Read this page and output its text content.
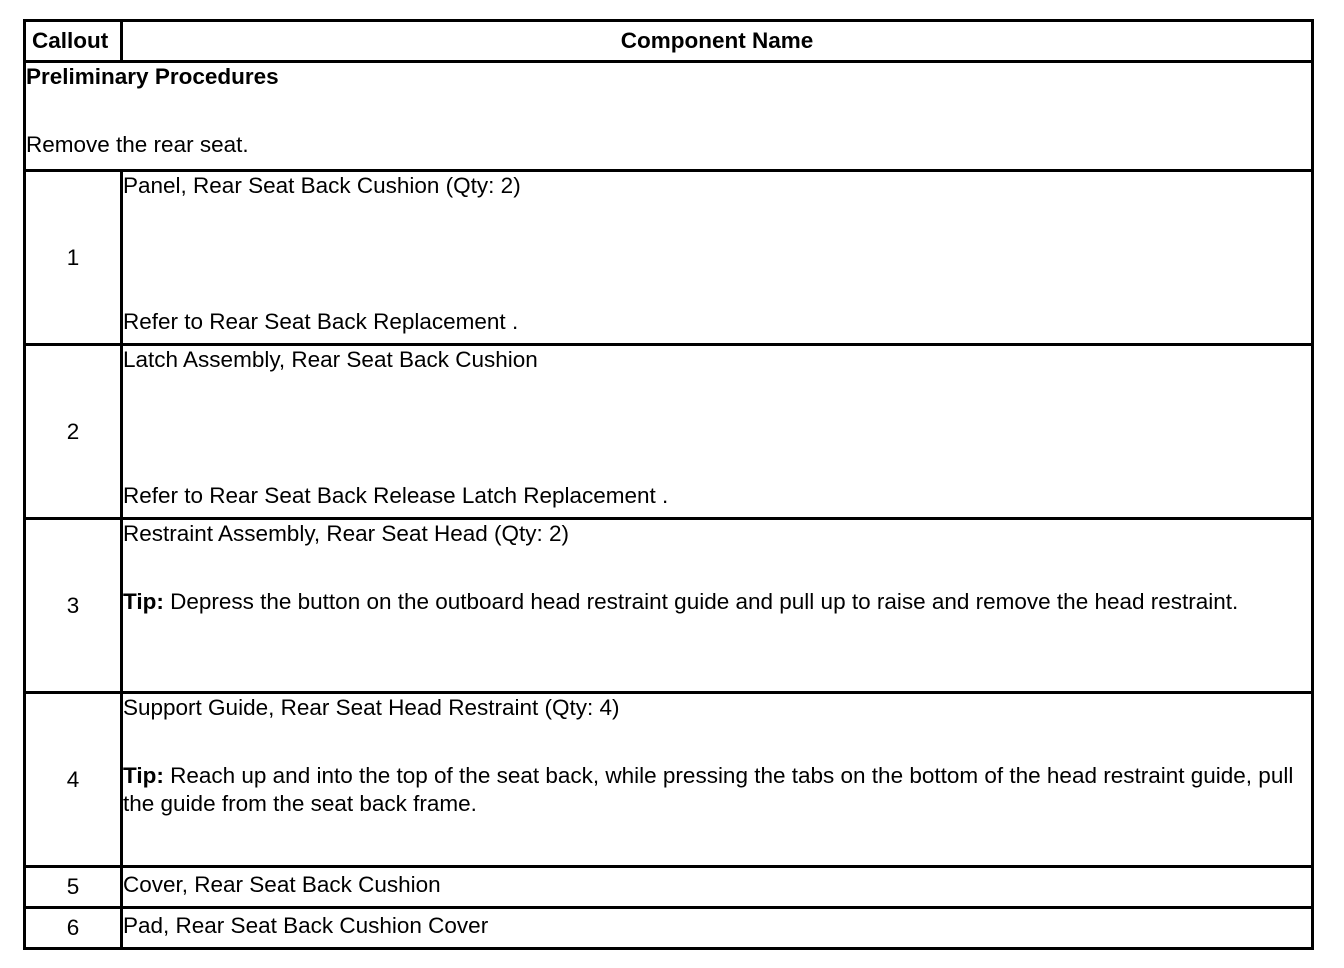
Callout	Component Name

Preliminary Procedures
Remove the rear seat.	
1	Panel, Rear Seat Back Cushion (Qty: 2)
Refer to Rear Seat Back Replacement .

2	Latch Assembly, Rear Seat Back Cushion
Refer to Rear Seat Back Release Latch Replacement .

3	Restraint Assembly, Rear Seat Head (Qty: 2)
Tip: Depress the button on the outboard head restraint guide and pull up to raise and remove the head restraint.

4	Support Guide, Rear Seat Head Restraint (Qty: 4)
Tip: Reach up and into the top of the seat back, while pressing the tabs on the bottom of the head restraint guide, pull the guide from the seat back frame.

5	Cover, Rear Seat Back Cushion
6	Pad, Rear Seat Back Cushion Cover
